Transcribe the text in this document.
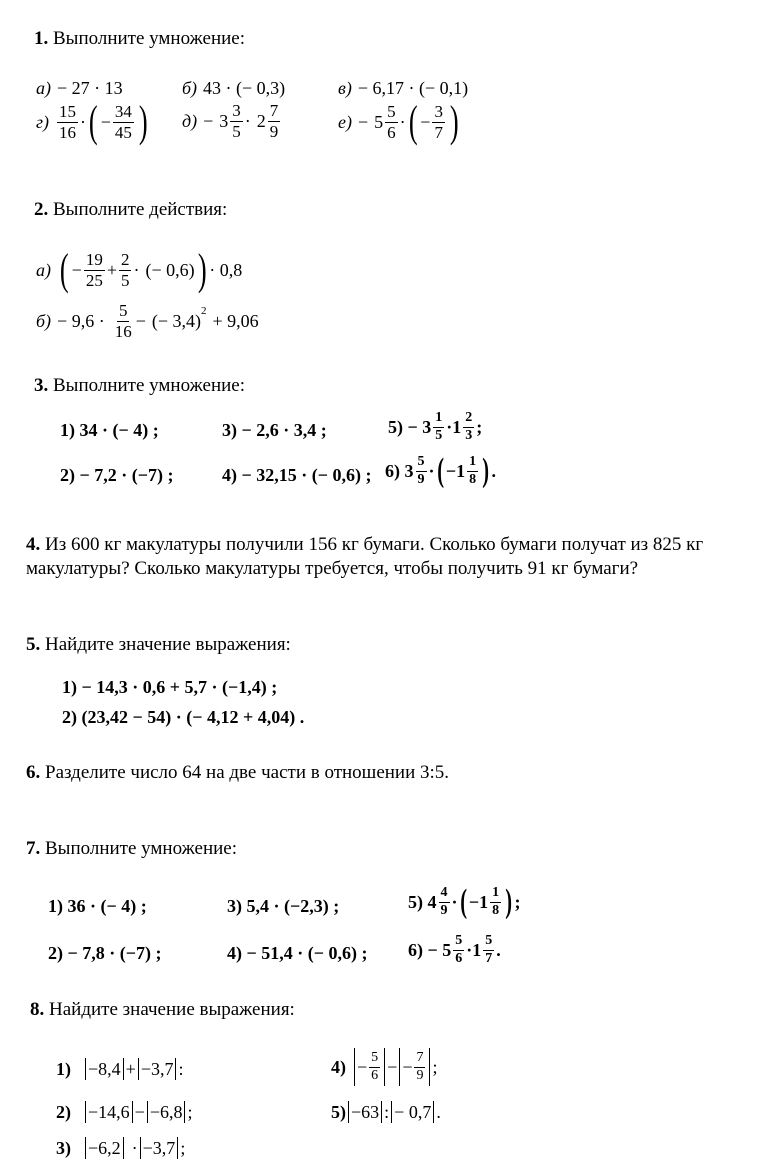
1. Выполните умножение:
а) − 27 · 13	б) 43 · (− 0,3)	в) − 6,17 · (− 0,1)
г)
15
16 · ( − $\frac{34}{45}$ ) д) − 3
3
5 · 2
7
9	е) − 5
5
6 · ( − $\frac{3}{7}$ )
2. Выполните действия:
а) ( − $\frac{19}{25} + \frac{2}{5}$ · (− 0,6) ) · 0,8
б) − 9,6 ·
5
16 − (− 3,4)
$^2$
+ 9,06
3. Выполните умножение:
1) 34 · (− 4) ;	3) − 2,6 · 3,4 ;	5) − 3 1
5 · 1 2
3 ;
2) − 7,2 · (−7) ;	4) − 32,15 · (− 0,6) ; 6) 3 5
9 · ( − 1 1
8 ) .
4. Из 600 кг макулатуры получили 156 кг бумаги. Сколько бумаги получат из 825 кг макулатуры? Сколько макулатуры требуется, чтобы получить 91 кг бумаги?
5. Найдите значение выражения:
1) − 14,3 · 0,6 + 5,7 · (−1,4) ;
2) (23,42 − 54) · (− 4,12 + 4,04) .
6. Разделите число 64 на две части в отношении 3:5.
7. Выполните умножение:
1) 36 · (− 4) ;	3) 5,4 · (−2,3) ;	5) 4 4
9 · ( − 1 1
8 ) ;
2) − 7,8 · (−7) ;	4) − 51,4 · (− 0,6) ; 6) − 5 5
6 · 1 5
7 .
8. Найдите значение выражения:
1) −8,4 + −3,7 :	$4) - \frac{5}{6}$ − − $\frac{7}{9}$ ;
2) −14,6 − −6,8 ;	5) −63 : − 0,7 .
3) −6,2 · −3,7 ;
